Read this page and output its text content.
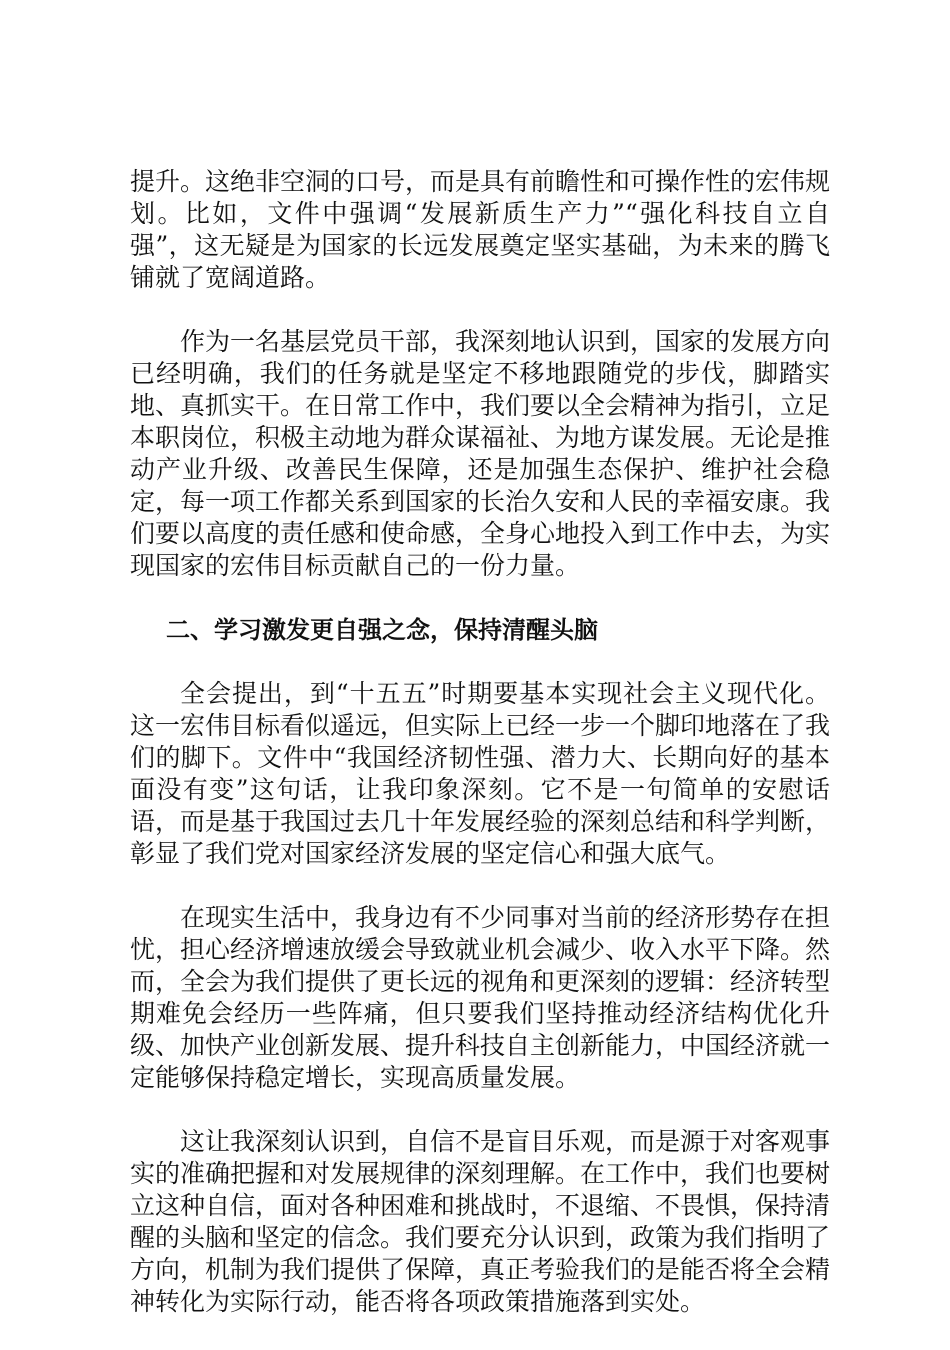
提升。这绝非空洞的口号，而是具有前瞻性和可操作性的宏伟规划。比如，文件中强调“发展新质生产力”“强化科技自立自强”，这无疑是为国家的长远发展奠定坚实基础，为未来的腾飞铺就了宽阔道路。

作为一名基层党员干部，我深刻地认识到，国家的发展方向已经明确，我们的任务就是坚定不移地跟随党的步伐，脚踏实地、真抓实干。在日常工作中，我们要以全会精神为指引，立足本职岗位，积极主动地为群众谋福祉、为地方谋发展。无论是推动产业升级、改善民生保障，还是加强生态保护、维护社会稳定，每一项工作都关系到国家的长治久安和人民的幸福安康。我们要以高度的责任感和使命感，全身心地投入到工作中去，为实现国家的宏伟目标贡献自己的一份力量。

二、学习激发更自强之念，保持清醒头脑

全会提出，到“十五五”时期要基本实现社会主义现代化。这一宏伟目标看似遥远，但实际上已经一步一个脚印地落在了我们的脚下。文件中“我国经济韧性强、潜力大、长期向好的基本面没有变”这句话，让我印象深刻。它不是一句简单的安慰话语，而是基于我国过去几十年发展经验的深刻总结和科学判断，彰显了我们党对国家经济发展的坚定信心和强大底气。

在现实生活中，我身边有不少同事对当前的经济形势存在担忧，担心经济增速放缓会导致就业机会减少、收入水平下降。然而，全会为我们提供了更长远的视角和更深刻的逻辑：经济转型期难免会经历一些阵痛，但只要我们坚持推动经济结构优化升级、加快产业创新发展、提升科技自主创新能力，中国经济就一定能够保持稳定增长，实现高质量发展。

这让我深刻认识到，自信不是盲目乐观，而是源于对客观事实的准确把握和对发展规律的深刻理解。在工作中，我们也要树立这种自信，面对各种困难和挑战时，不退缩、不畏惧，保持清醒的头脑和坚定的信念。我们要充分认识到，政策为我们指明了方向，机制为我们提供了保障，真正考验我们的是能否将全会精神转化为实际行动，能否将各项政策措施落到实处。
